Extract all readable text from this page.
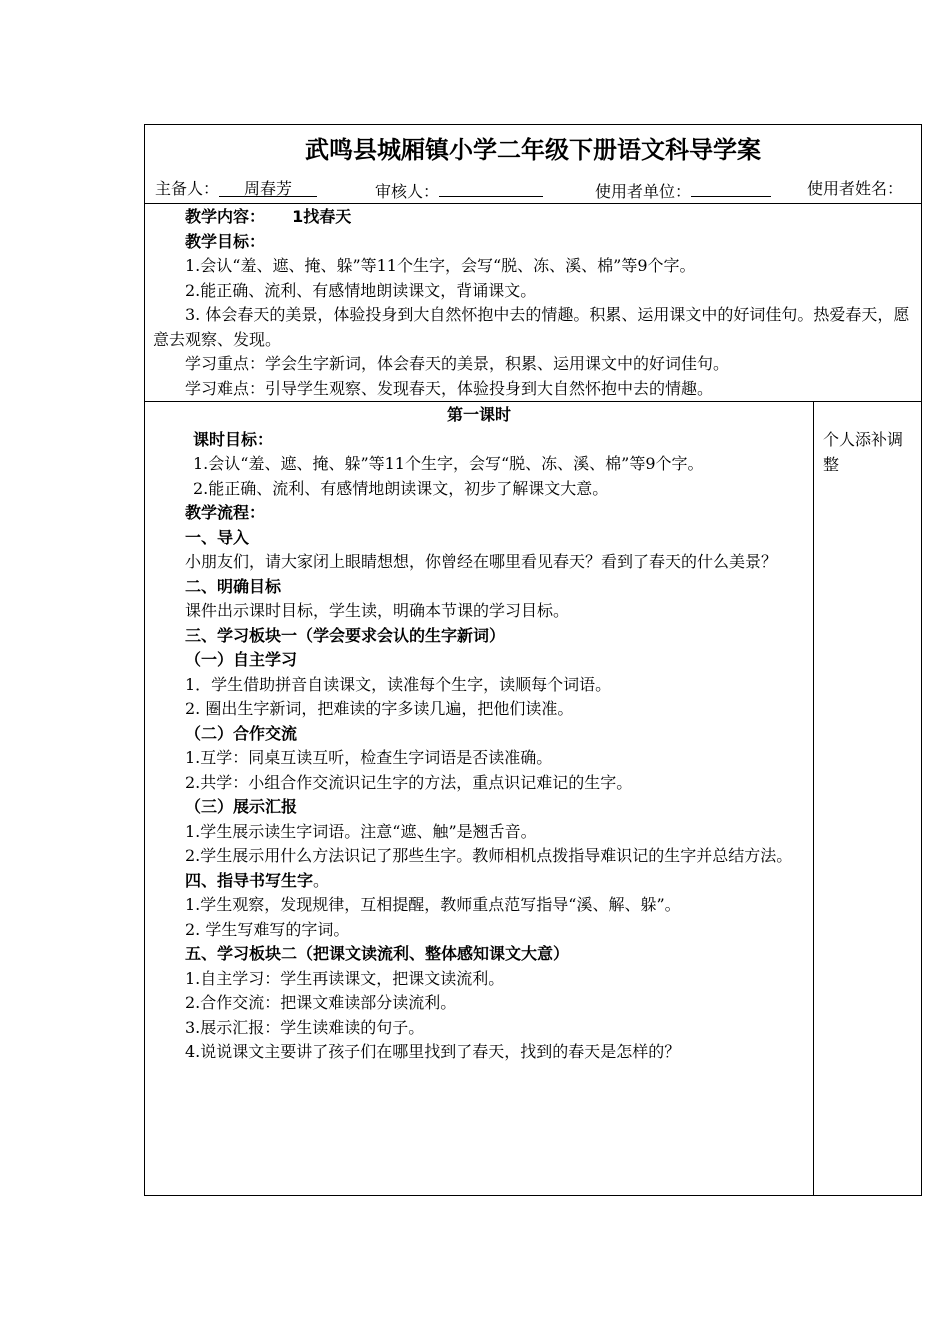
武鸣县城厢镇小学二年级下册语文科导学案
主备人： 周春芳	审核人：	使用者单位：	使用者姓名：

教学内容： 1找春天

教学目标：

1.会认“羞、遮、掩、躲”等11个生字，会写“脱、冻、溪、棉”等9个字。

2.能正确、流利、有感情地朗读课文，背诵课文。

3. 体会春天的美景，体验投身到大自然怀抱中去的情趣。积累、运用课文中的好词佳句。热爱春天，愿意去观察、发现。

学习重点：学会生字新词，体会春天的美景，积累、运用课文中的好词佳句。

学习难点：引导学生观察、发现春天，体验投身到大自然怀抱中去的情趣。

第一课时

课时目标：

1.会认“羞、遮、掩、躲”等11个生字，会写“脱、冻、溪、棉”等9个字。

2.能正确、流利、有感情地朗读课文，初步了解课文大意。

教学流程：

一、导入

小朋友们，请大家闭上眼睛想想，你曾经在哪里看见春天？看到了春天的什么美景？

二、明确目标

课件出示课时目标，学生读，明确本节课的学习目标。

三、学习板块一（学会要求会认的生字新词）

（一）自主学习

1．学生借助拼音自读课文，读准每个生字，读顺每个词语。

2. 圈出生字新词，把难读的字多读几遍，把他们读准。

（二）合作交流

1.互学：同桌互读互听，检查生字词语是否读准确。

2.共学：小组合作交流识记生字的方法，重点识记难记的生字。

（三）展示汇报

1.学生展示读生字词语。注意“遮、触”是翘舌音。

2.学生展示用什么方法识记了那些生字。教师相机点拨指导难识记的生字并总结方法。

四、指导书写生字。

1.学生观察，发现规律，互相提醒，教师重点范写指导“溪、解、躲”。

2. 学生写难写的字词。

五、学习板块二（把课文读流利、整体感知课文大意）

1.自主学习：学生再读课文，把课文读流利。

2.合作交流：把课文难读部分读流利。

3.展示汇报：学生读难读的句子。

4.说说课文主要讲了孩子们在哪里找到了春天，找到的春天是怎样的？

个人添补调整
